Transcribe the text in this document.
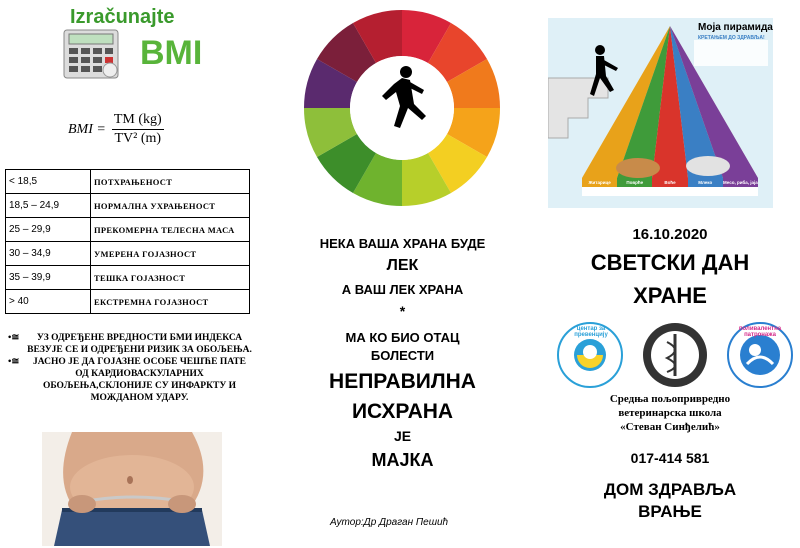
Izračunajte
BMI
BMI = $\frac{TM (kg)}{\text{TV² (m)}}$
< 18,5	ПОТХРАЊЕНОСТ
18,5 – 24,9	НОРМАЛНА УХРАЊЕНОСТ
25 – 29,9	ПРЕКОМЕРНА ТЕЛЕСНА МАСА
30 – 34,9	УМЕРЕНА ГОЈАЗНОСТ
35 – 39,9	ТЕШКА ГОЈАЗНОСТ
> 40	ЕКСТРЕМНА ГОЈАЗНОСТ
•≅	УЗ ОДРЕЂЕНЕ ВРЕДНОСТИ БМИ ИНДЕКСА ВЕЗУЈЕ СЕ И ОДРЕЂЕНИ РИЗИК ЗА ОБОЉЕЊА.
•≅	ЈАСНО ЈЕ ДА ГОЈАЗНЕ ОСОБЕ ЧЕШЋЕ ПАТЕ ОД КАРДИОВАСКУЛАРНИХ ОБОЉЕЊА,СКЛОНИЈЕ СУ ИНФАРКТУ И МОЖДАНОМ УДАРУ.
НЕКА ВАША ХРАНА БУДЕ
ЛЕК
А ВАШ ЛЕК ХРАНА
*
МА КО БИО ОТАЦ
БОЛЕСТИ
НЕПРАВИЛНА
ИСХРАНА
ЈЕ
МАЈКА
Аутор:Др Драган Пешић
Моја пирамида
КРЕТАЊЕМ ДО ЗДРАВЉА!
Житарице	Поврће	Воће	Млеко	Месо, риба, јаја
16.10.2020
СВЕТСКИ ДАН
ХРАНЕ
центар за превенцију
поливалентна патронажа
Средња пољопривредно
ветеринарска школа
«Стеван Синђелић»
017-414 581
ДОМ ЗДРАВЉА
ВРАЊЕ
